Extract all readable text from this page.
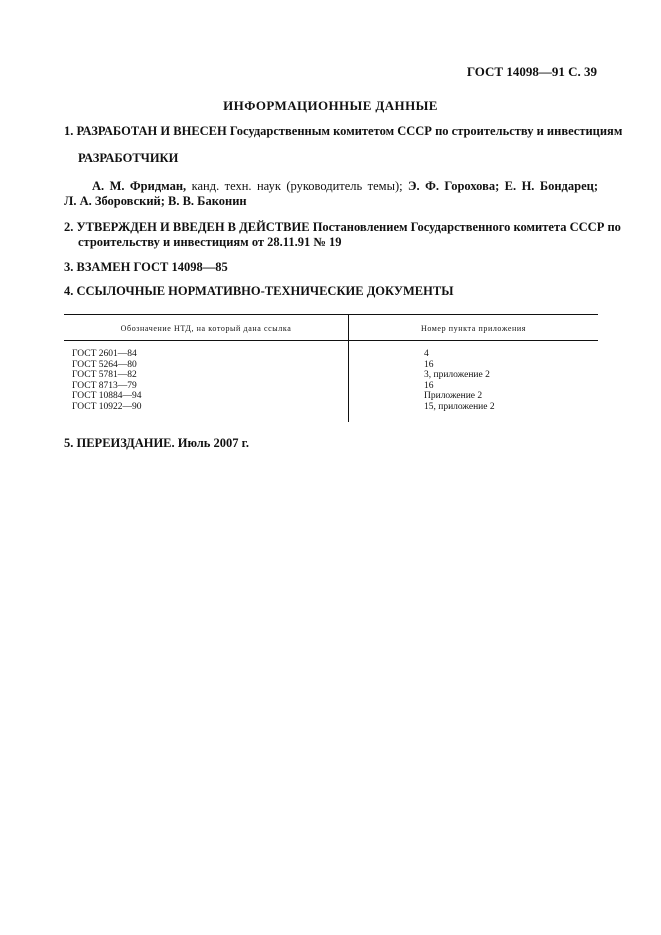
ГОСТ 14098—91 С. 39
ИНФОРМАЦИОННЫЕ ДАННЫЕ
1. РАЗРАБОТАН И ВНЕСЕН Государственным комитетом СССР по строительству и инвестициям
РАЗРАБОТЧИКИ
А. М. Фридман, канд. техн. наук (руководитель темы); Э. Ф. Горохова; Е. Н. Бондарец;
Л. А. Зборовский; В. В. Баконин
2. УТВЕРЖДЕН И ВВЕДЕН В ДЕЙСТВИЕ Постановлением Государственного комитета СССР по
строительству и инвестициям от 28.11.91 № 19
3. ВЗАМЕН ГОСТ 14098—85
4. ССЫЛОЧНЫЕ НОРМАТИВНО-ТЕХНИЧЕСКИЕ ДОКУМЕНТЫ
Обозначение НТД, на который дана ссылка	Номер пункта приложения
ГОСТ 2601—84
ГОСТ 5264—80
ГОСТ 5781—82
ГОСТ 8713—79
ГОСТ 10884—94
ГОСТ 10922—90
4
16
3, приложение 2
16
Приложение 2
15, приложение 2
5. ПЕРЕИЗДАНИЕ. Июль 2007 г.
